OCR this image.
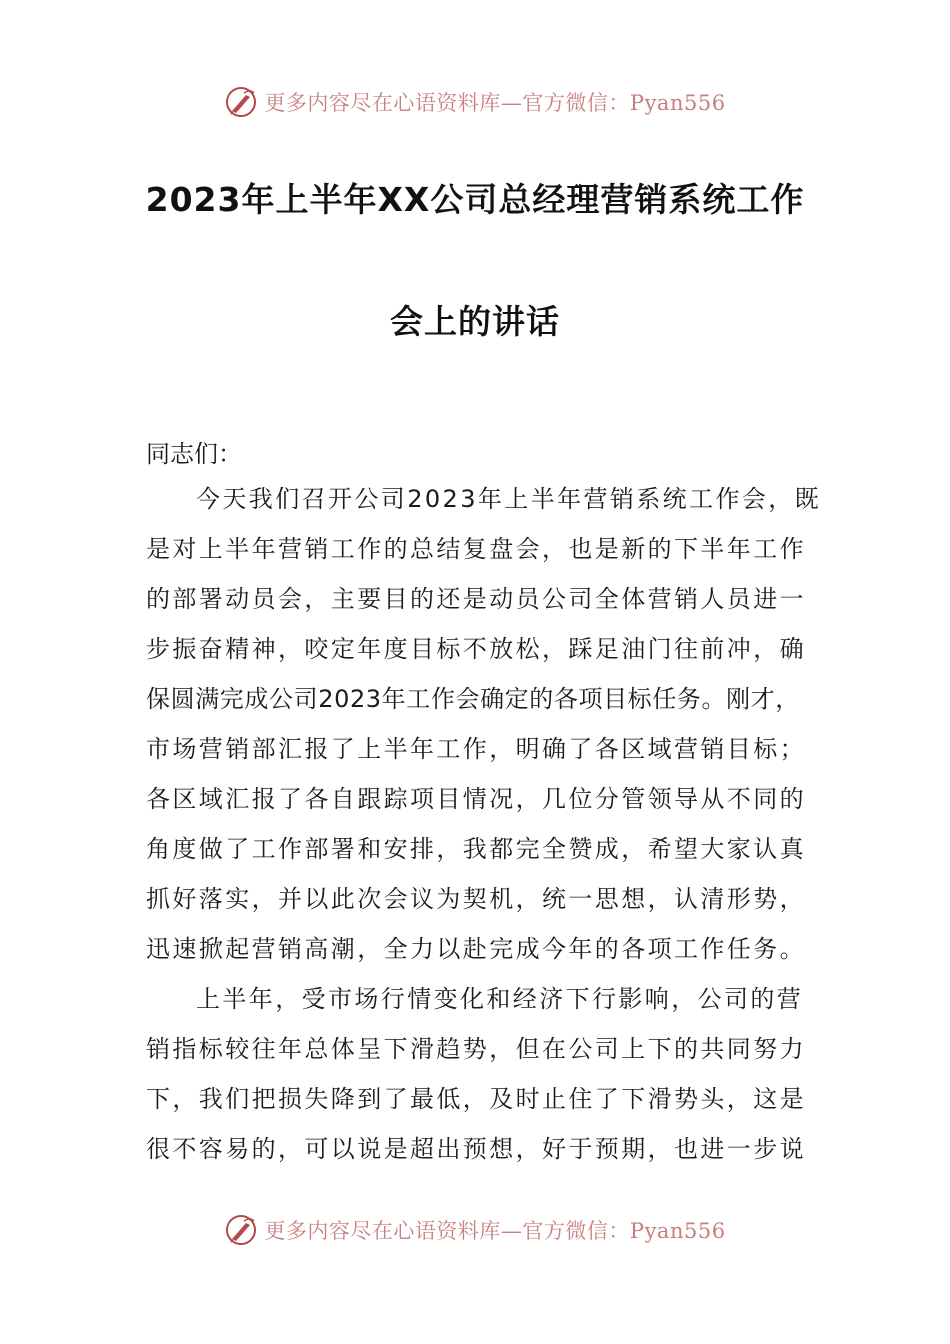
更多内容尽在心语资料库—官方微信：Pyan556
2023年上半年XX公司总经理营销系统工作
会上的讲话
同志们：
今天我们召开公司2023年上半年营销系统工作会，既
是对上半年营销工作的总结复盘会，也是新的下半年工作
的部署动员会，主要目的还是动员公司全体营销人员进一
步振奋精神，咬定年度目标不放松，踩足油门往前冲，确
保圆满完成公司2023年工作会确定的各项目标任务。刚才，
市场营销部汇报了上半年工作，明确了各区域营销目标；
各区域汇报了各自跟踪项目情况，几位分管领导从不同的
角度做了工作部署和安排，我都完全赞成，希望大家认真
抓好落实，并以此次会议为契机，统一思想，认清形势，
迅速掀起营销高潮，全力以赴完成今年的各项工作任务。
上半年，受市场行情变化和经济下行影响，公司的营
销指标较往年总体呈下滑趋势，但在公司上下的共同努力
下，我们把损失降到了最低，及时止住了下滑势头，这是
很不容易的，可以说是超出预想，好于预期，也进一步说
更多内容尽在心语资料库—官方微信：Pyan556
